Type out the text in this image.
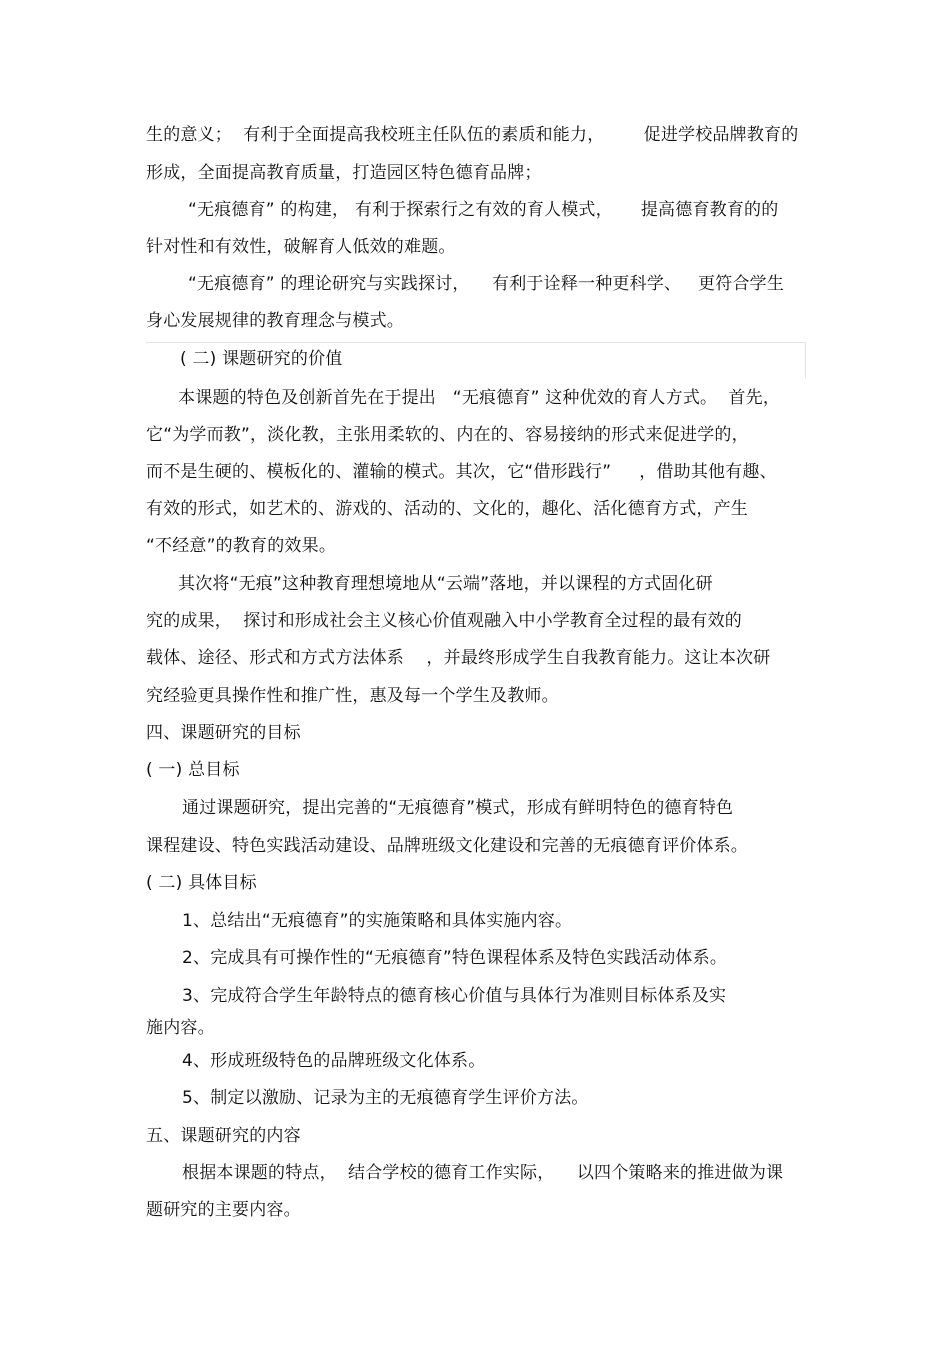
生的意义；  有利于全面提高我校班主任队伍的素质和能力，       促进学校品牌教育的
形成，全面提高教育质量，打造园区特色德育品牌；
“无痕德育” 的构建， 有利于探索行之有效的育人模式，     提高德育教育的的
针对性和有效性，破解育人低效的难题。
“无痕德育” 的理论研究与实践探讨，    有利于诠释一种更科学、   更符合学生
身心发展规律的教育理念与模式。
( 二) 课题研究的价值
本课题的特色及创新首先在于提出   “无痕德育” 这种优效的育人方式。  首先，
它“为学而教”，淡化教，主张用柔软的、内在的、容易接纳的形式来促进学的，
而不是生硬的、模板化的、灌输的模式。其次，它“借形践行”     ，借助其他有趣、
有效的形式，如艺术的、游戏的、活动的、文化的，趣化、活化德育方式，产生
“不经意”的教育的效果。
其次将“无痕”这种教育理想境地从“云端”落地，并以课程的方式固化研
究的成果，  探讨和形成社会主义核心价值观融入中小学教育全过程的最有效的
载体、途径、形式和方式方法体系    ，并最终形成学生自我教育能力。这让本次研
究经验更具操作性和推广性，惠及每一个学生及教师。
四、课题研究的目标
( 一) 总目标
通过课题研究，提出完善的“无痕德育”模式，形成有鲜明特色的德育特色
课程建设、特色实践活动建设、品牌班级文化建设和完善的无痕德育评价体系。
( 二) 具体目标
1、总结出“无痕德育”的实施策略和具体实施内容。
2、完成具有可操作性的“无痕德育”特色课程体系及特色实践活动体系。
3、完成符合学生年龄特点的德育核心价值与具体行为准则目标体系及实
施内容。
4、形成班级特色的品牌班级文化体系。
5、制定以激励、记录为主的无痕德育学生评价方法。
五、课题研究的内容
根据本课题的特点，  结合学校的德育工作实际，    以四个策略来的推进做为课
题研究的主要内容。
